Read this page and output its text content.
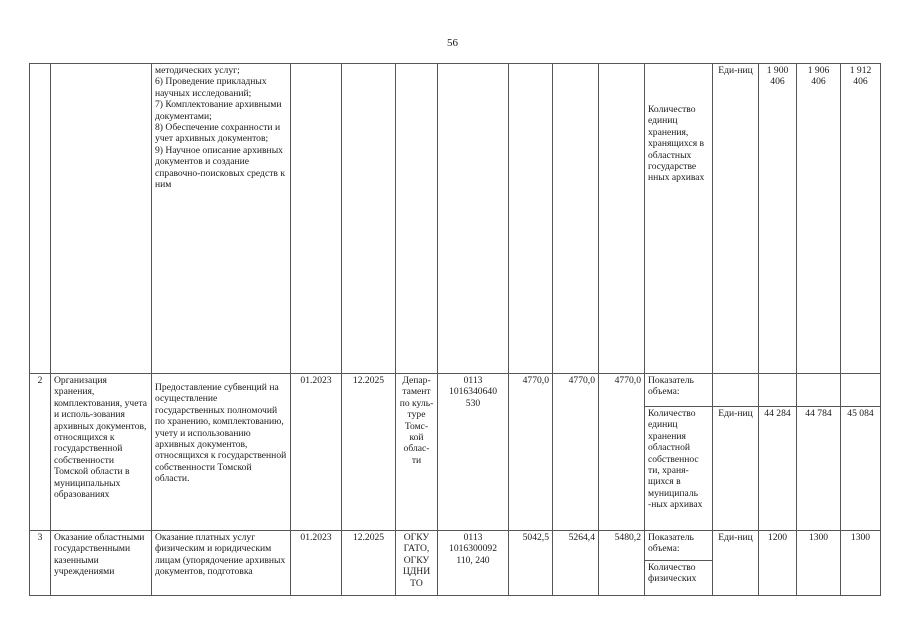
56
		методических услуг;
6) Проведение прикладных научных исследований;
7) Комплектование архивными документами;
8) Обеспечение сохранности и учет архивных документов;
9) Научное описание архивных документов и создание справочно-поисковых средств к ним								Количество единиц хранения, хранящихся в областных государстве нных архивах	Еди-ниц	1 900 406	1 906 406	1 912 406
2	Организация хранения, комплектования, учета и исполь-зования архивных документов, относящихся к государственной собственности Томской области в муниципальных образованиях	Предоставление субвенций на осуществление государственных полномочий по хранению, комплектованию, учету и использованию архивных документов, относящихся к государственной собственности Томской области.	01.2023	12.2025	Депар-тамент по куль-туре Томс-кой облас-ти	0113 1016340640 530	4770,0	4770,0	4770,0	Показатель объема:				
										Количество единиц хранения областной собственнос ти, храня-щихся в муниципаль -ных архивах	Еди-ниц	44 284	44 784	45 084
3	Оказание областными государственными казенными учреждениями	Оказание платных услуг физическим и юридическим лицам (упорядочение архивных документов, подготовка	01.2023	12.2025	ОГКУ ГАТО, ОГКУ ЦДНИ ТО	0113 1016300092 110, 240	5042,5	5264,4	5480,2	Показатель объема:	Еди-ниц	1200	1300	1300
										Количество физических				
